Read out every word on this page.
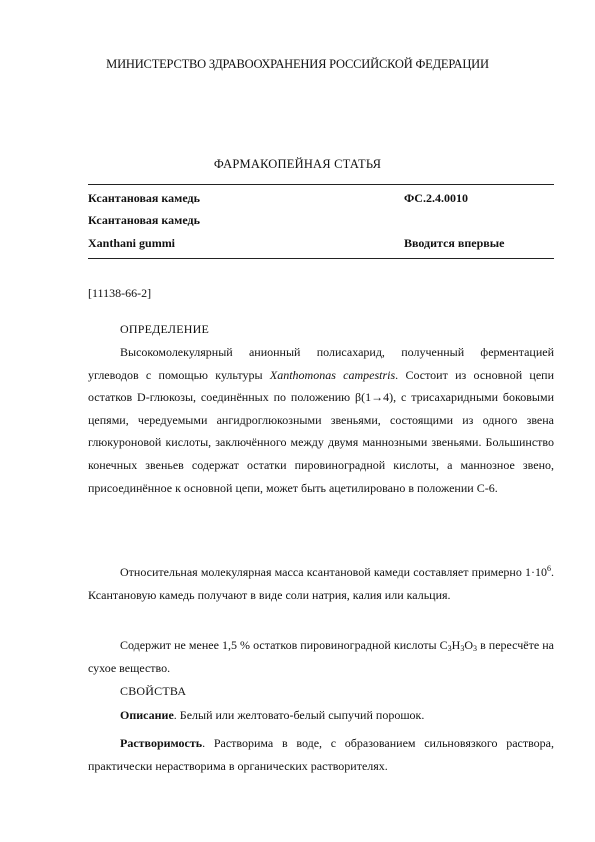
МИНИСТЕРСТВО ЗДРАВООХРАНЕНИЯ РОССИЙСКОЙ ФЕДЕРАЦИИ
ФАРМАКОПЕЙНАЯ СТАТЬЯ
Ксантановая камедь	ФС.2.4.0010
Ксантановая камедь
Xanthani gummi	Вводится впервые
[11138-66-2]
ОПРЕДЕЛЕНИЕ
Высокомолекулярный анионный полисахарид, полученный ферментацией углеводов с помощью культуры Xanthomonas campestris. Состоит из основной цепи остатков D-глюкозы, соединённых по положению β(1→4), с трисахаридными боковыми цепями, чередуемыми ангидроглюкозными звеньями, состоящими из одного звена глюкуроновой кислоты, заключённого между двумя маннозными звеньями. Большинство конечных звеньев содержат остатки пировиноградной кислоты, а маннозное звено, присоединённое к основной цепи, может быть ацетилировано в положении С-6.
Относительная молекулярная масса ксантановой камеди составляет примерно $1\cdot 10^6$. Ксантановую камедь получают в виде соли натрия, калия или кальция.
Содержит не менее 1,5 % остатков пировиноградной кислоты $C_3H_3O_3$ в пересчёте на сухое вещество.
СВОЙСТВА
Описание. Белый или желтовато-белый сыпучий порошок.
Растворимость. Растворима в воде, с образованием сильновязкого раствора, практически нерастворима в органических растворителях.
